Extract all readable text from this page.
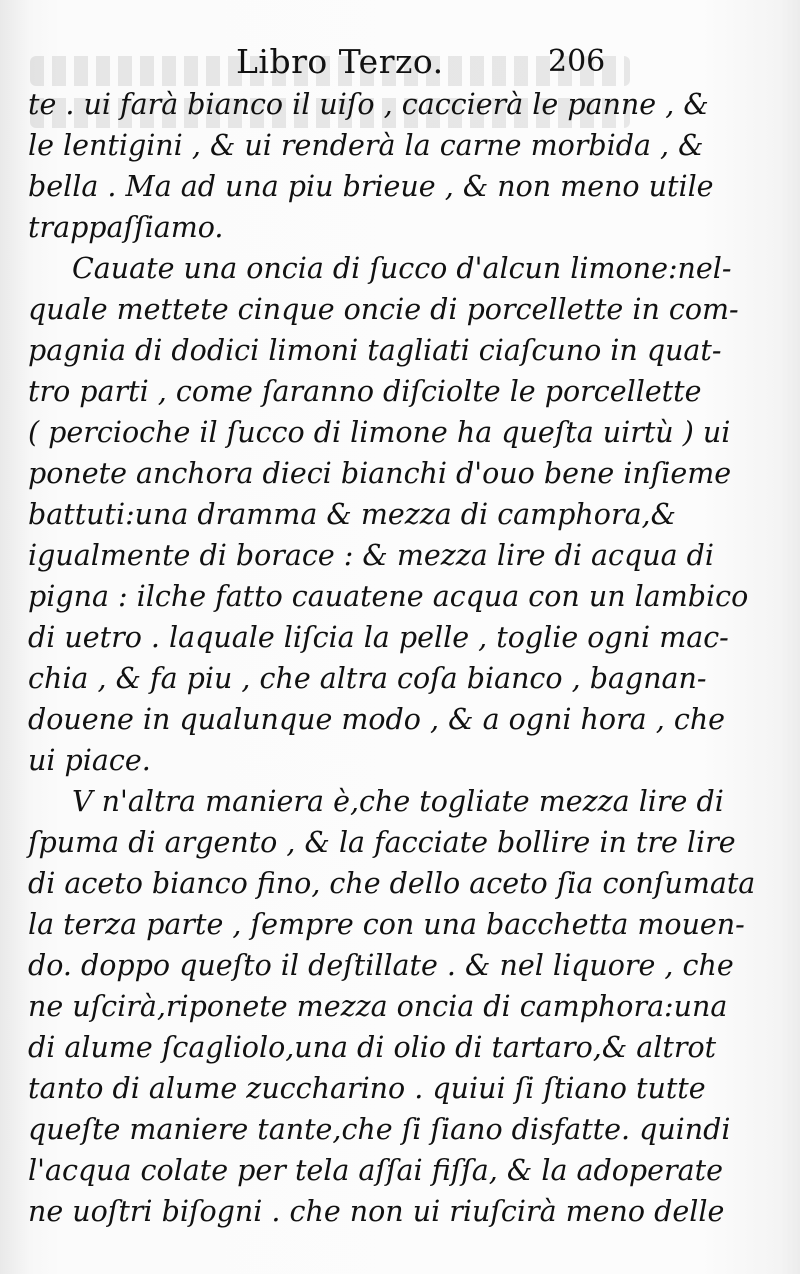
Libro Terzo.	206
te . ui farà bianco il uiſo , caccierà le panne , &
le lentigini , & ui renderà la carne morbida , &
bella . Ma ad una piu brieue , & non meno utile
trappaſſiamo.
Cauate una oncia di ſucco d'alcun limone:nel-
quale mettete cinque oncie di porcellette in com-
pagnia di dodici limoni tagliati ciaſcuno in quat-
tro parti , come ſaranno diſciolte le porcellette
( percioche il ſucco di limone ha queſta uirtù ) ui
ponete anchora dieci bianchi d'ouo bene inſieme
battuti:una dramma & mezza di camphora,&
igualmente di borace : & mezza lire di acqua di
pigna : ilche fatto cauatene acqua con un lambico
di uetro . laquale liſcia la pelle , toglie ogni mac-
chia , & fa piu , che altra coſa bianco , bagnan-
douene in qualunque modo , & a ogni hora , che
ui piace.
V n'altra maniera è,che togliate mezza lire di
ſpuma di argento , & la facciate bollire in tre lire
di aceto bianco fino, che dello aceto ſia conſumata
la terza parte , ſempre con una bacchetta mouen-
do. doppo queſto il deſtillate . & nel liquore , che
ne uſcirà,riponete mezza oncia di camphora:una
di alume ſcagliolo,una di olio di tartaro,& altrot
tanto di alume zuccharino . quiui ſi ſtiano tutte
queſte maniere tante,che ſi ſiano disfatte. quindi
l'acqua colate per tela aſſai fiſſa, & la adoperate
ne uoſtri biſogni . che non ui riuſcirà meno delle
